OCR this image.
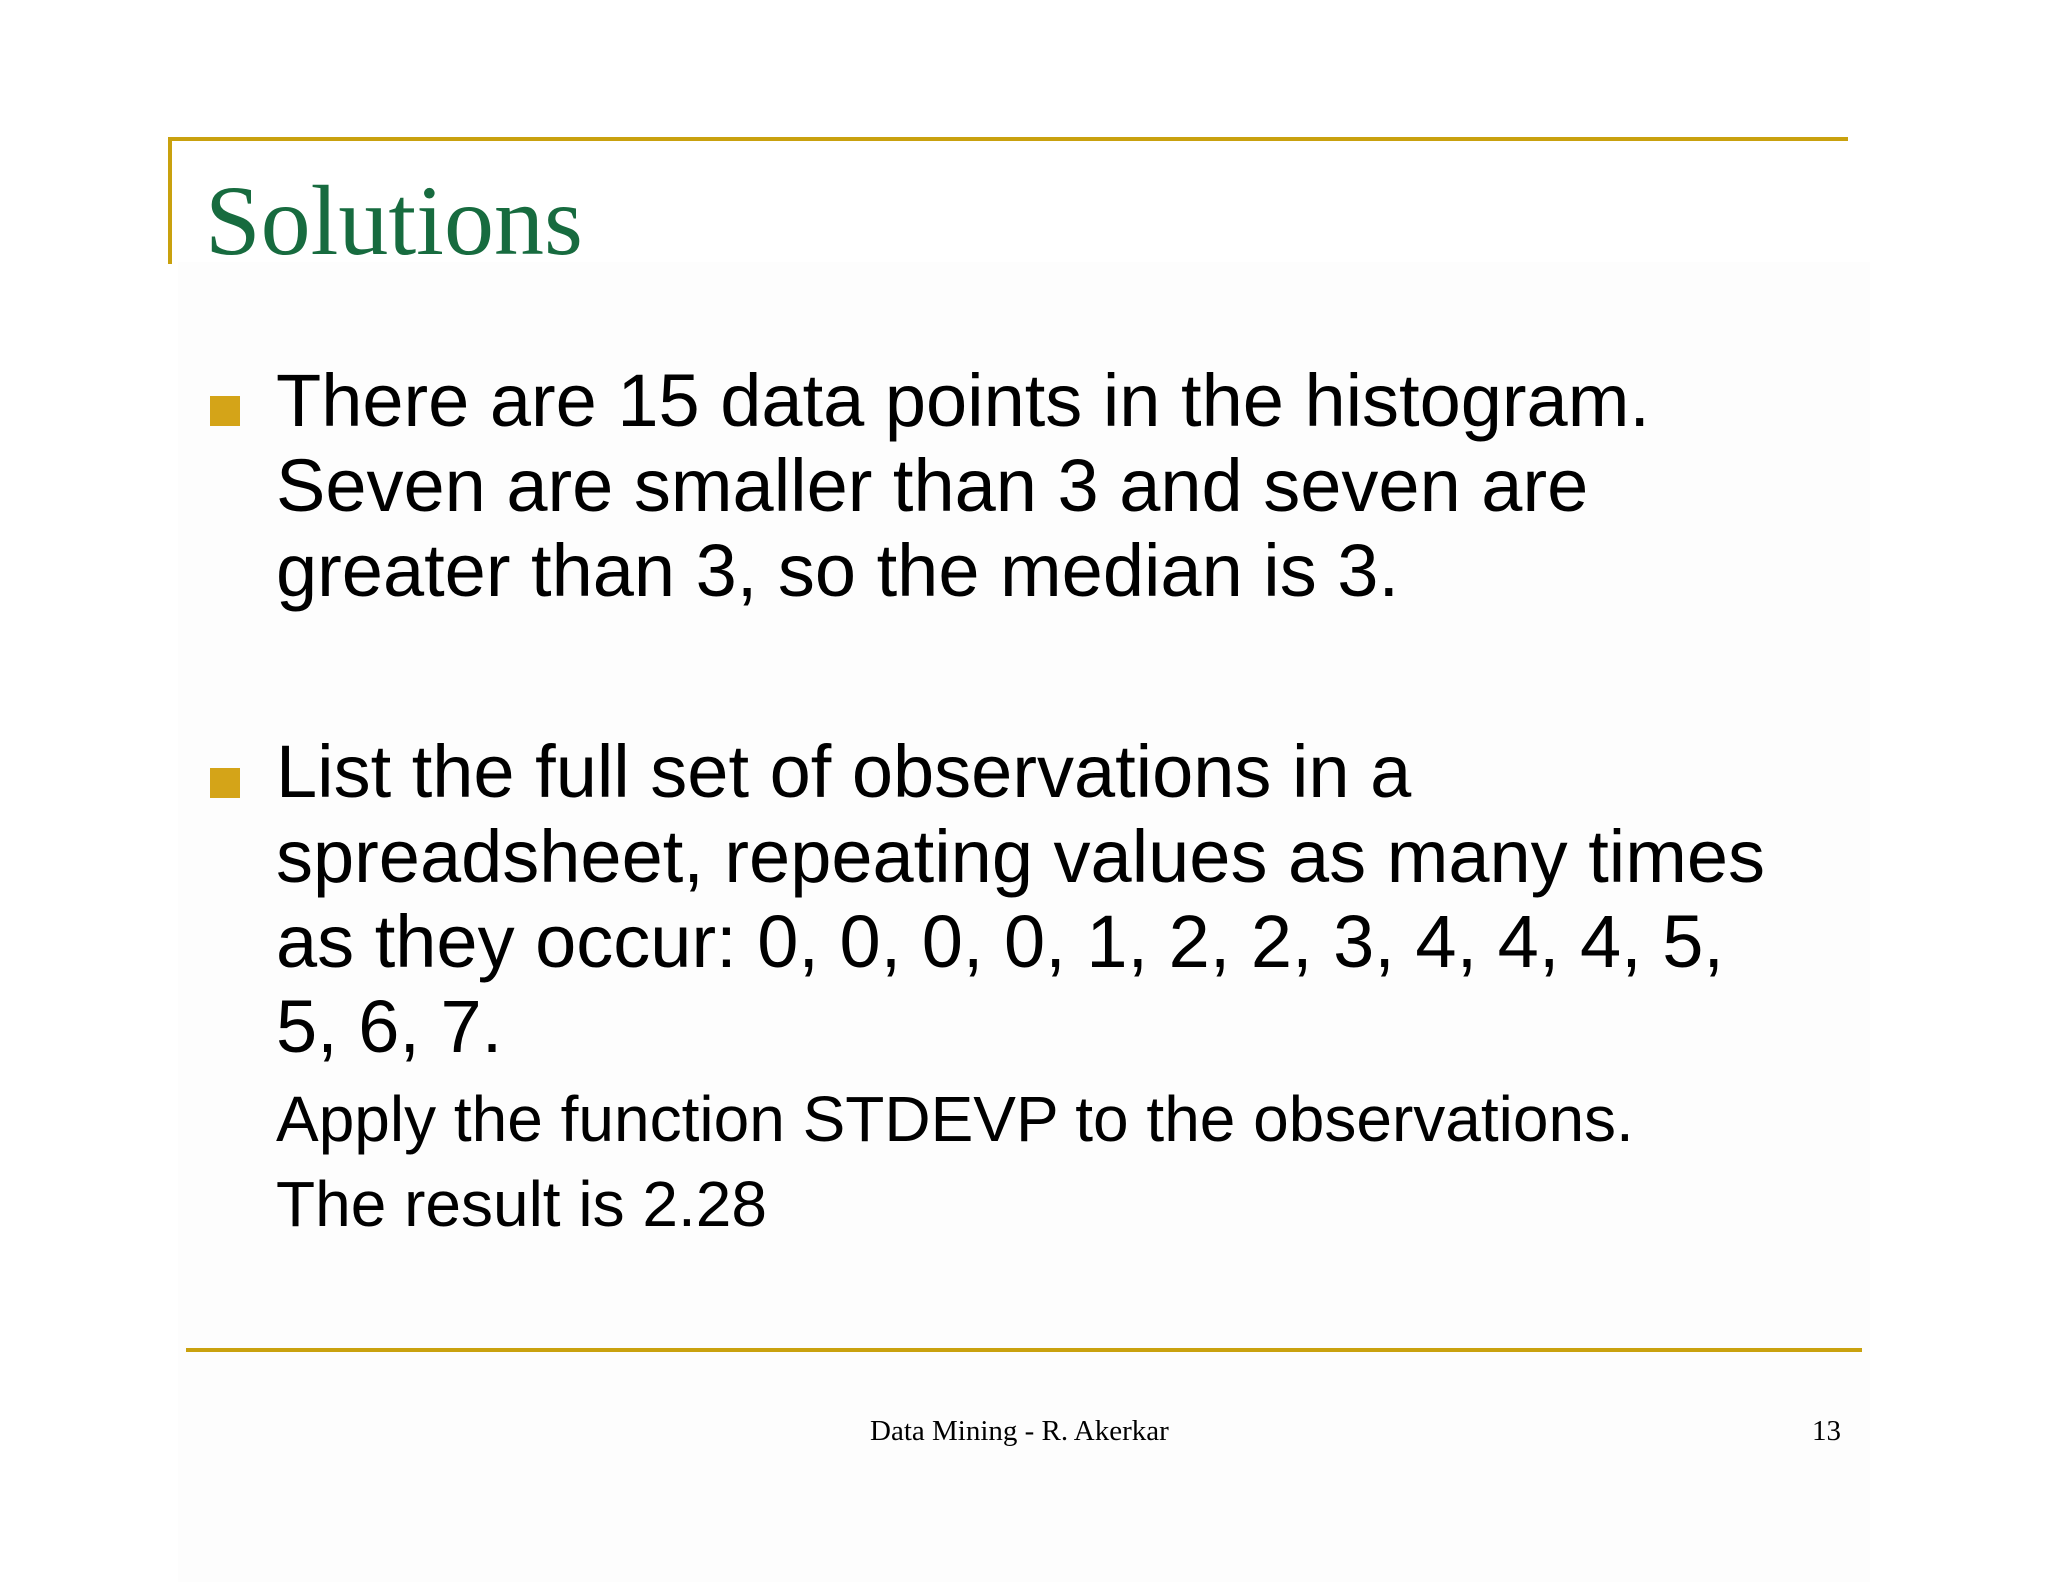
Solutions

There are 15 data points in the histogram.
Seven are smaller than 3 and seven are
greater than 3, so the median is 3.

List the full set of observations in a
spreadsheet, repeating values as many times
as they occur: 0, 0, 0, 0, 1, 2, 2, 3, 4, 4, 4, 5,
5, 6, 7.

Apply the function STDEVP to the observations.

The result is 2.28

Data Mining - R. Akerkar	13
